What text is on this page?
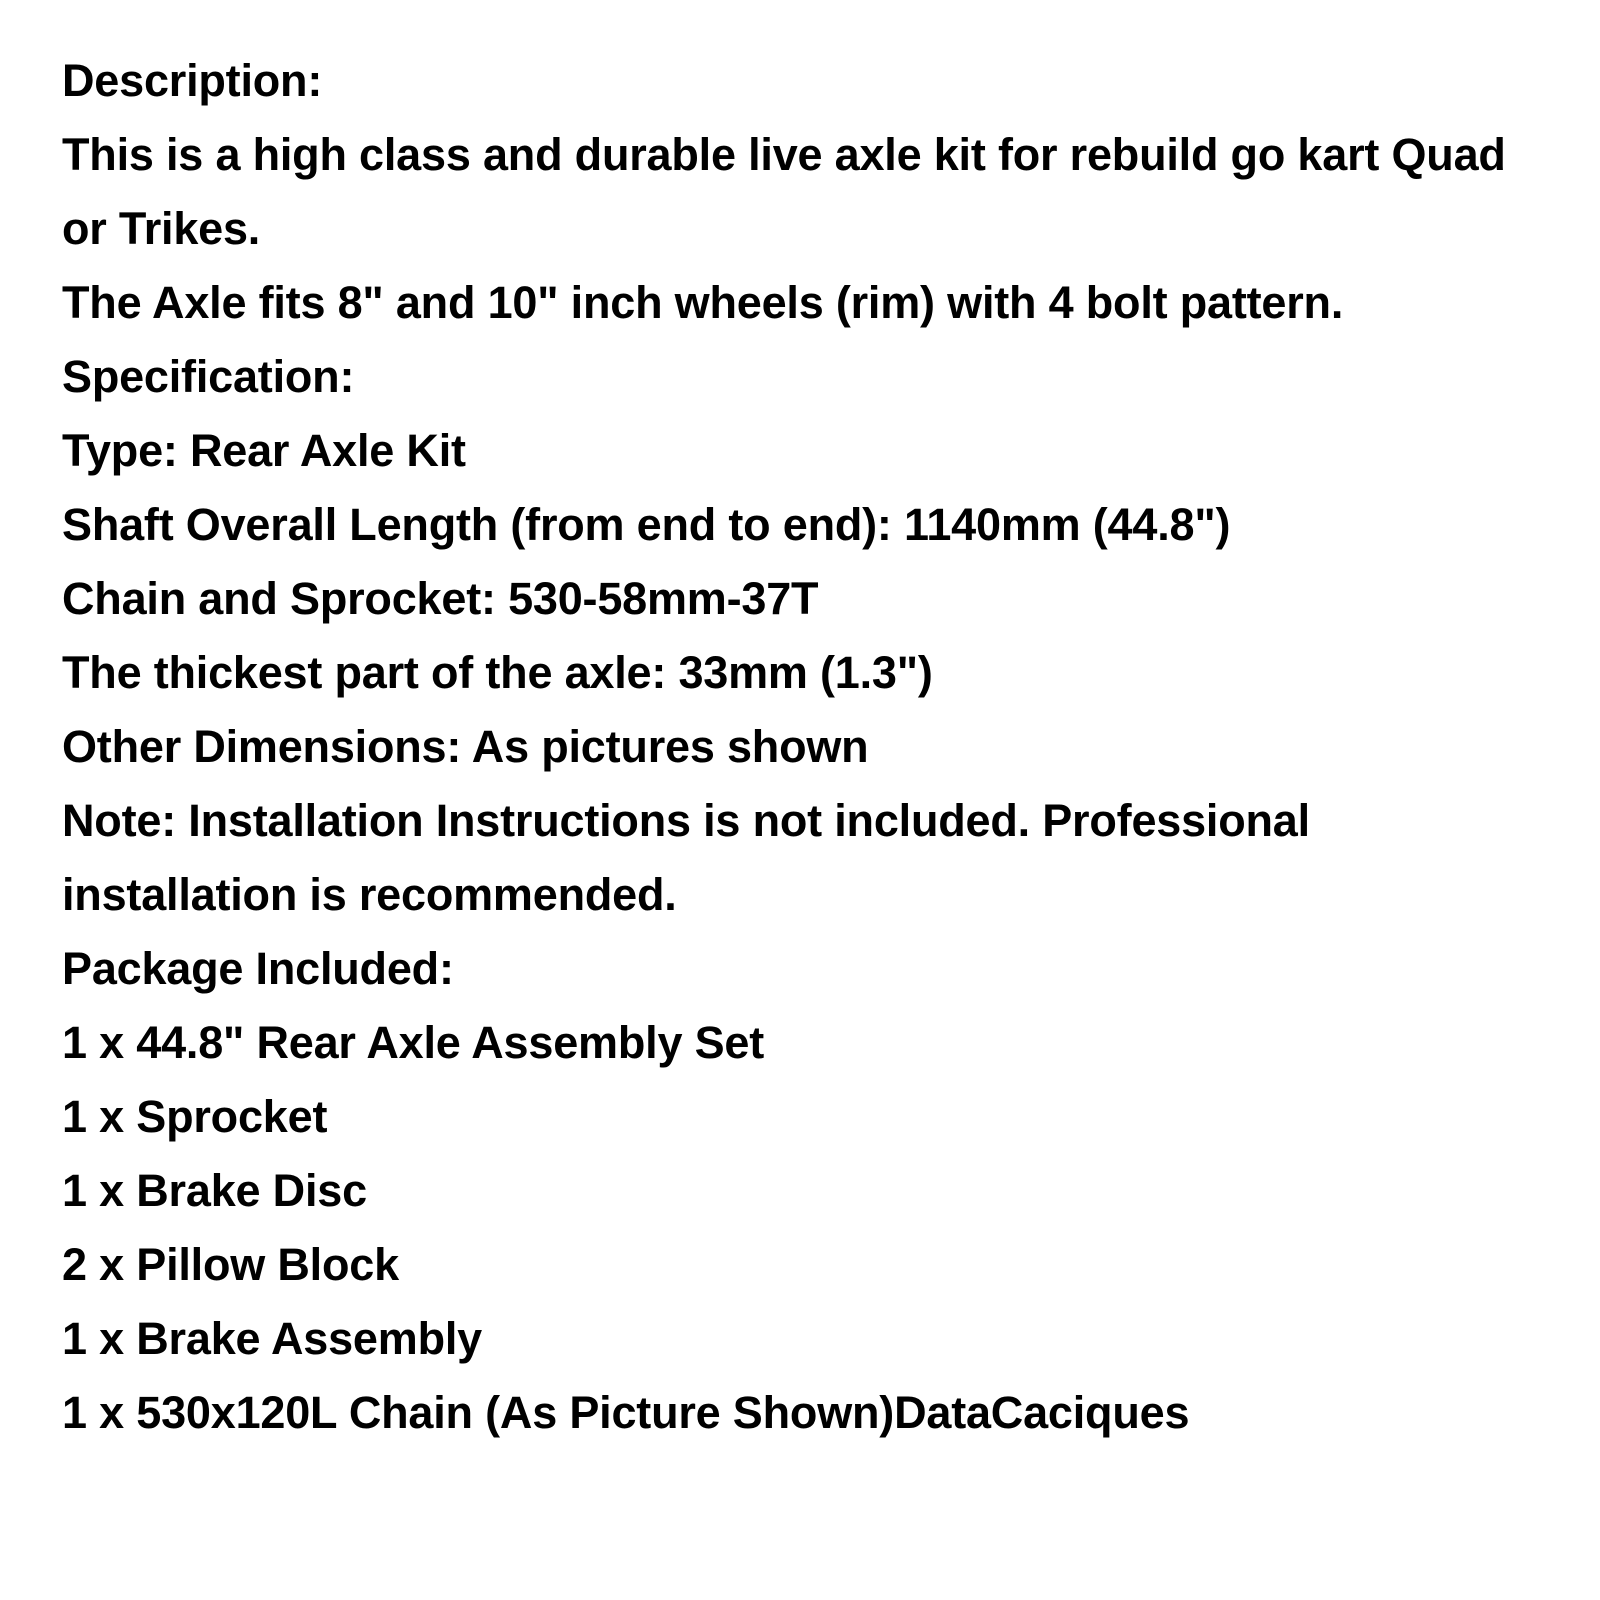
Description:
This is a high class and durable live axle kit for rebuild go kart Quad or Trikes.
The Axle fits 8" and 10" inch wheels (rim) with 4 bolt pattern.
Specification:
Type: Rear Axle Kit
Shaft Overall Length (from end to end): 1140mm (44.8")
Chain and Sprocket: 530-58mm-37T
The thickest part of the axle: 33mm (1.3")
Other Dimensions: As pictures shown
Note: Installation Instructions is not included. Professional installation is recommended.
Package Included:
1 x 44.8" Rear Axle Assembly Set
1 x Sprocket
1 x Brake Disc
2 x Pillow Block
1 x Brake Assembly
1 x 530x120L Chain (As Picture Shown)DataCaciques
